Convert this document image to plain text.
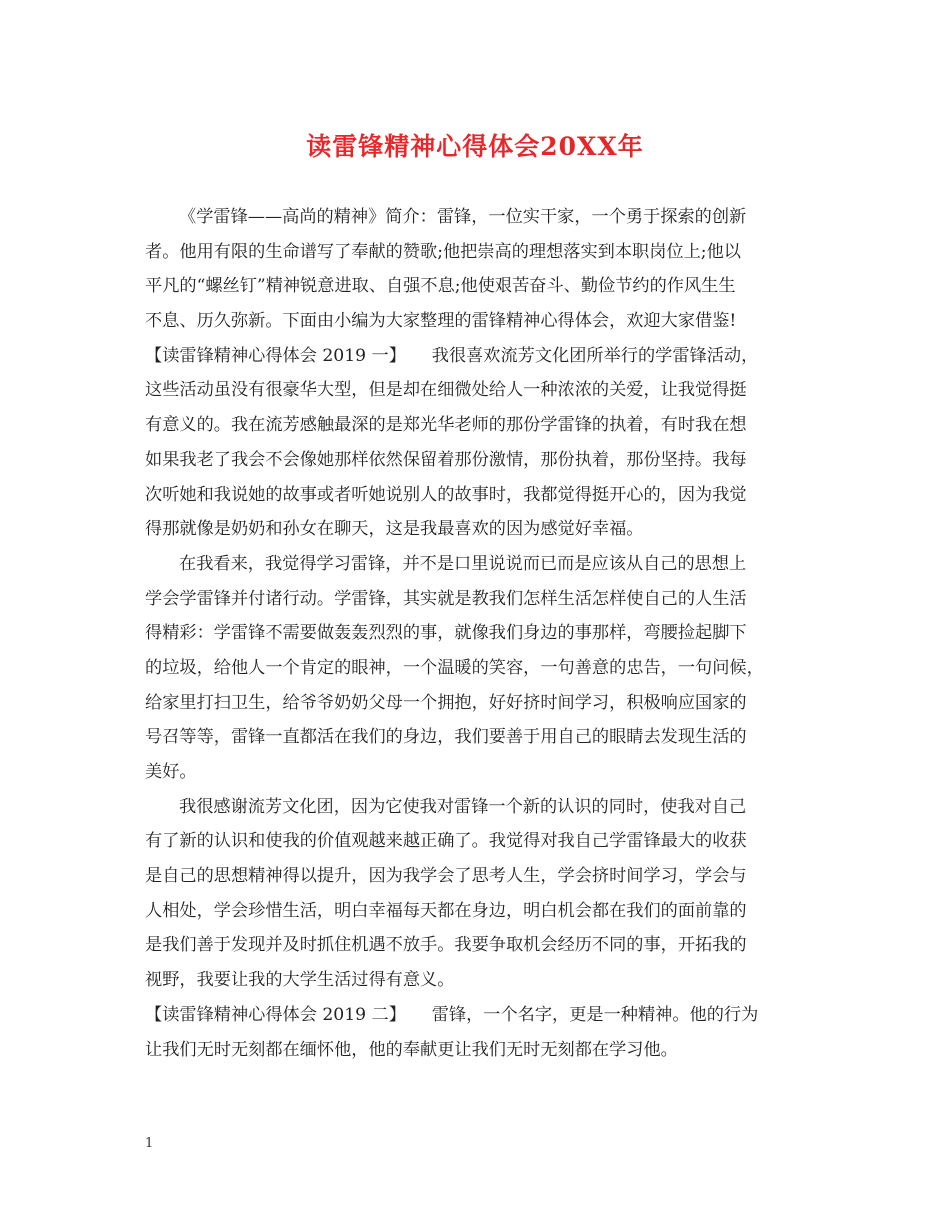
读雷锋精神心得体会20XX年
《学雷锋——高尚的精神》简介：雷锋，一位实干家，一个勇于探索的创新
者。他用有限的生命谱写了奉献的赞歌;他把崇高的理想落实到本职岗位上;他以
平凡的“螺丝钉”精神锐意进取、自强不息;他使艰苦奋斗、勤俭节约的作风生生
不息、历久弥新。下面由小编为大家整理的雷锋精神心得体会，欢迎大家借鉴!
【读雷锋精神心得体会 2019 一】　　我很喜欢流芳文化团所举行的学雷锋活动，
这些活动虽没有很豪华大型，但是却在细微处给人一种浓浓的关爱，让我觉得挺
有意义的。我在流芳感触最深的是郑光华老师的那份学雷锋的执着，有时我在想
如果我老了我会不会像她那样依然保留着那份激情，那份执着，那份坚持。我每
次听她和我说她的故事或者听她说别人的故事时，我都觉得挺开心的，因为我觉
得那就像是奶奶和孙女在聊天，这是我最喜欢的因为感觉好幸福。
在我看来，我觉得学习雷锋，并不是口里说说而已而是应该从自己的思想上
学会学雷锋并付诸行动。学雷锋，其实就是教我们怎样生活怎样使自己的人生活
得精彩：学雷锋不需要做轰轰烈烈的事，就像我们身边的事那样，弯腰捡起脚下
的垃圾，给他人一个肯定的眼神，一个温暖的笑容，一句善意的忠告，一句问候，
给家里打扫卫生，给爷爷奶奶父母一个拥抱，好好挤时间学习，积极响应国家的
号召等等，雷锋一直都活在我们的身边，我们要善于用自己的眼睛去发现生活的
美好。
我很感谢流芳文化团，因为它使我对雷锋一个新的认识的同时，使我对自己
有了新的认识和使我的价值观越来越正确了。我觉得对我自己学雷锋最大的收获
是自己的思想精神得以提升，因为我学会了思考人生，学会挤时间学习，学会与
人相处，学会珍惜生活，明白幸福每天都在身边，明白机会都在我们的面前靠的
是我们善于发现并及时抓住机遇不放手。我要争取机会经历不同的事，开拓我的
视野，我要让我的大学生活过得有意义。
【读雷锋精神心得体会 2019 二】　　雷锋，一个名字，更是一种精神。他的行为
让我们无时无刻都在缅怀他，他的奉献更让我们无时无刻都在学习他。
1
